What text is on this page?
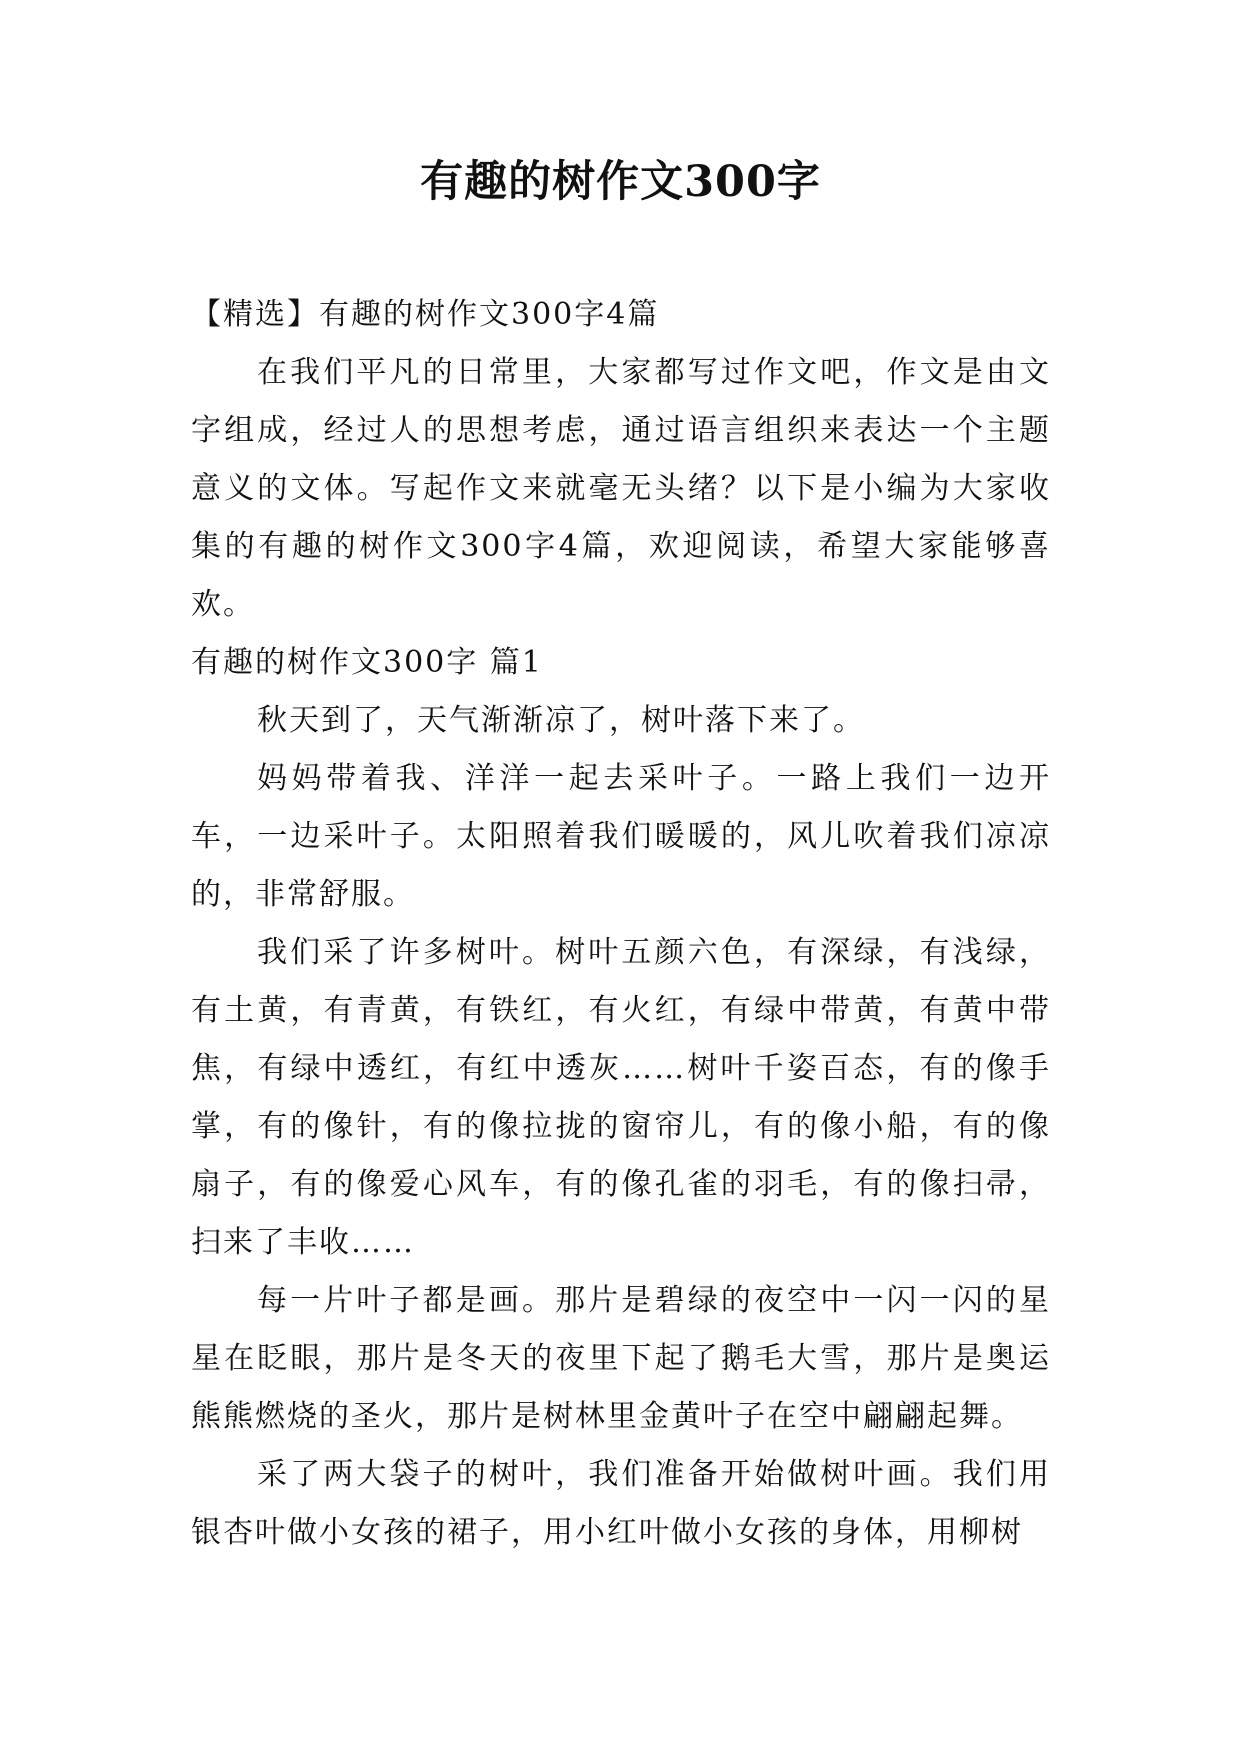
有趣的树作文300字

【精选】有趣的树作文300字4篇

在我们平凡的日常里，大家都写过作文吧，作文是由文字组成，经过人的思想考虑，通过语言组织来表达一个主题意义的文体。写起作文来就毫无头绪？以下是小编为大家收集的有趣的树作文300字4篇，欢迎阅读，希望大家能够喜欢。

有趣的树作文300字 篇1

秋天到了，天气渐渐凉了，树叶落下来了。

妈妈带着我、洋洋一起去采叶子。一路上我们一边开车，一边采叶子。太阳照着我们暖暖的，风儿吹着我们凉凉的，非常舒服。

我们采了许多树叶。树叶五颜六色，有深绿，有浅绿，有土黄，有青黄，有铁红，有火红，有绿中带黄，有黄中带焦，有绿中透红，有红中透灰……树叶千姿百态，有的像手掌，有的像针，有的像拉拢的窗帘儿，有的像小船，有的像扇子，有的像爱心风车，有的像孔雀的羽毛，有的像扫帚，扫来了丰收……

每一片叶子都是画。那片是碧绿的夜空中一闪一闪的星星在眨眼，那片是冬天的夜里下起了鹅毛大雪，那片是奥运熊熊燃烧的圣火，那片是树林里金黄叶子在空中翩翩起舞。

采了两大袋子的树叶，我们准备开始做树叶画。我们用银杏叶做小女孩的裙子，用小红叶做小女孩的身体，用柳树
